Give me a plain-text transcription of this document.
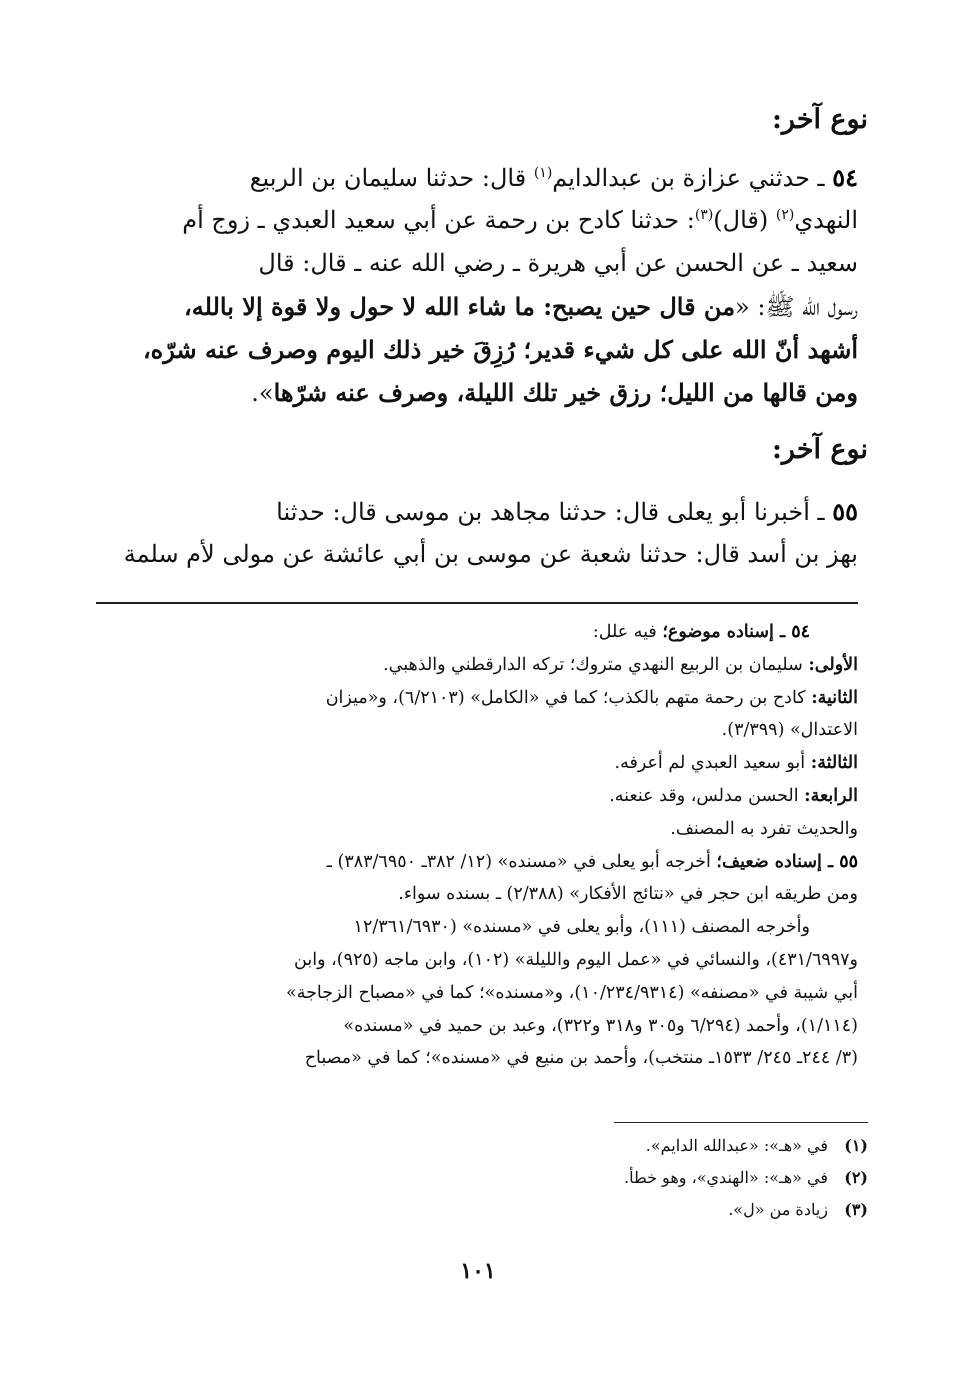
نوع آخر:
٥٤ ـ حدثني عزازة بن عبدالدايم$^{(١)}$ قال: حدثنا سليمان بن الربيع
النهدي$^{(٢)}$ (قال)$^{(٣)}$: حدثنا كادح بن رحمة عن أبي سعيد العبدي ـ زوج أم
سعيد ـ عن الحسن عن أبي هريرة ـ رضي الله عنه ـ قال: قال
رسول الله ﷺ: «من قال حين يصبح: ما شاء الله لا حول ولا قوة إلا بالله،
أشهد أنّ الله على كل شيء قدير؛ رُزِقَ خير ذلك اليوم وصرف عنه شرّه،
ومن قالها من الليل؛ رزق خير تلك الليلة، وصرف عنه شرّها».
نوع آخر:
٥٥ ـ أخبرنا أبو يعلى قال: حدثنا مجاهد بن موسى قال: حدثنا
بهز بن أسد قال: حدثنا شعبة عن موسى بن أبي عائشة عن مولى لأم سلمة
٥٤ ـ إسناده موضوع؛ فيه علل:
الأولى: سليمان بن الربيع النهدي متروك؛ تركه الدارقطني والذهبي.
الثانية: كادح بن رحمة متهم بالكذب؛ كما في «الكامل» (٦/٢١٠٣)، و«ميزان
الاعتدال» (٣/٣٩٩).
الثالثة: أبو سعيد العبدي لم أعرفه.
الرابعة: الحسن مدلس، وقد عنعنه.
والحديث تفرد به المصنف.
٥٥ ـ إسناده ضعيف؛ أخرجه أبو يعلى في «مسنده» (١٢/ ٣٨٢ـ ٣٨٣/٦٩٥٠) ـ
ومن طريقه ابن حجر في «نتائج الأفكار» (٢/٣٨٨) ـ بسنده سواء.
وأخرجه المصنف (١١١)، وأبو يعلى في «مسنده» (١٢/٣٦١/٦٩٣٠
و٤٣١/٦٩٩٧)، والنسائي في «عمل اليوم والليلة» (١٠٢)، وابن ماجه (٩٢٥)، وابن
أبي شيبة في «مصنفه» (١٠/٢٣٤/٩٣١٤)، و«مسنده»؛ كما في «مصباح الزجاجة»
(١/١١٤)، وأحمد (٦/٢٩٤ و٣٠٥ و٣١٨ و٣٢٢)، وعبد بن حميد في «مسنده»
(٣/ ٢٤٤ـ ٢٤٥/ ١٥٣٣ـ منتخب)، وأحمد بن منيع في «مسنده»؛ كما في «مصباح
(١)في «هـ»: «عبدالله الدايم».
(٢)في «هـ»: «الهندي»، وهو خطأ.
(٣)زيادة من «ل».
١٠١
